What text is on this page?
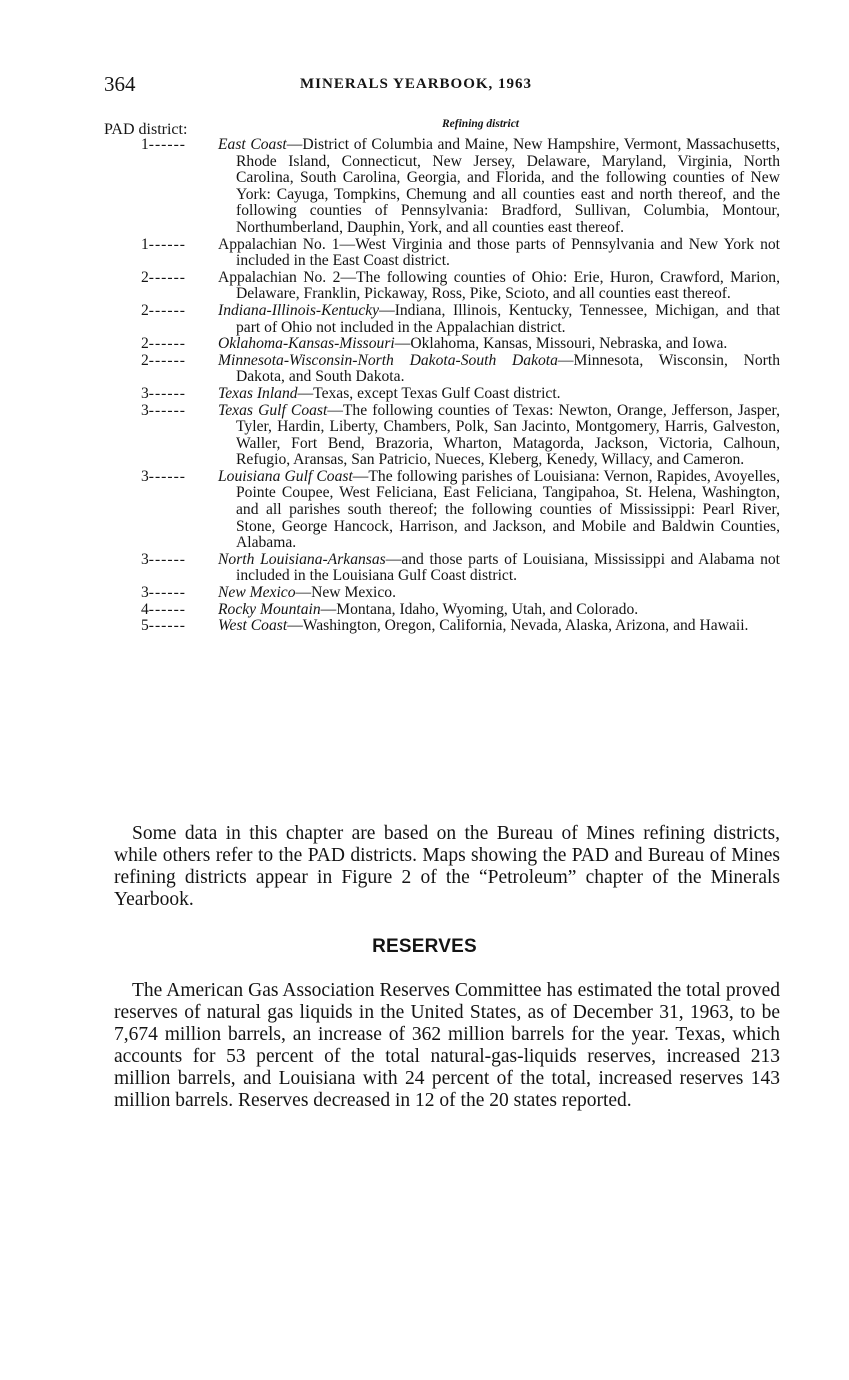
364	MINERALS YEARBOOK, 1963
PAD district:	Refining district
1------	East Coast—District of Columbia and Maine, New Hampshire, Vermont, Massachusetts, Rhode Island, Connecticut, New Jersey, Delaware, Maryland, Virginia, North Carolina, South Carolina, Georgia, and Florida, and the following counties of New York: Cayuga, Tompkins, Chemung and all counties east and north thereof, and the following counties of Pennsylvania: Bradford, Sullivan, Columbia, Montour, Northumberland, Dauphin, York, and all counties east thereof.
1------	Appalachian No. 1—West Virginia and those parts of Pennsylvania and New York not included in the East Coast district.
2------	Appalachian No. 2—The following counties of Ohio: Erie, Huron, Crawford, Marion, Delaware, Franklin, Pickaway, Ross, Pike, Scioto, and all counties east thereof.
2------	Indiana-Illinois-Kentucky—Indiana, Illinois, Kentucky, Tennessee, Michigan, and that part of Ohio not included in the Appalachian district.
2------	Oklahoma-Kansas-Missouri—Oklahoma, Kansas, Missouri, Nebraska, and Iowa.
2------	Minnesota-Wisconsin-North Dakota-South Dakota—Minnesota, Wisconsin, North Dakota, and South Dakota.
3------	Texas Inland—Texas, except Texas Gulf Coast district.
3------	Texas Gulf Coast—The following counties of Texas: Newton, Orange, Jefferson, Jasper, Tyler, Hardin, Liberty, Chambers, Polk, San Jacinto, Montgomery, Harris, Galveston, Waller, Fort Bend, Brazoria, Wharton, Matagorda, Jackson, Victoria, Calhoun, Refugio, Aransas, San Patricio, Nueces, Kleberg, Kenedy, Willacy, and Cameron.
3------	Louisiana Gulf Coast—The following parishes of Louisiana: Vernon, Rapides, Avoyelles, Pointe Coupee, West Feliciana, East Feliciana, Tangipahoa, St. Helena, Washington, and all parishes south thereof; the following counties of Mississippi: Pearl River, Stone, George Hancock, Harrison, and Jackson, and Mobile and Baldwin Counties, Alabama.
3------	North Louisiana-Arkansas—and those parts of Louisiana, Mississippi and Alabama not included in the Louisiana Gulf Coast district.
3------	New Mexico—New Mexico.
4------	Rocky Mountain—Montana, Idaho, Wyoming, Utah, and Colorado.
5------	West Coast—Washington, Oregon, California, Nevada, Alaska, Arizona, and Hawaii.
Some data in this chapter are based on the Bureau of Mines refining districts, while others refer to the PAD districts. Maps showing the PAD and Bureau of Mines refining districts appear in Figure 2 of the “Petroleum” chapter of the Minerals Yearbook.
RESERVES
The American Gas Association Reserves Committee has estimated the total proved reserves of natural gas liquids in the United States, as of December 31, 1963, to be 7,674 million barrels, an increase of 362 million barrels for the year. Texas, which accounts for 53 percent of the total natural-gas-liquids reserves, increased 213 million barrels, and Louisiana with 24 percent of the total, increased reserves 143 million barrels. Reserves decreased in 12 of the 20 states reported.
